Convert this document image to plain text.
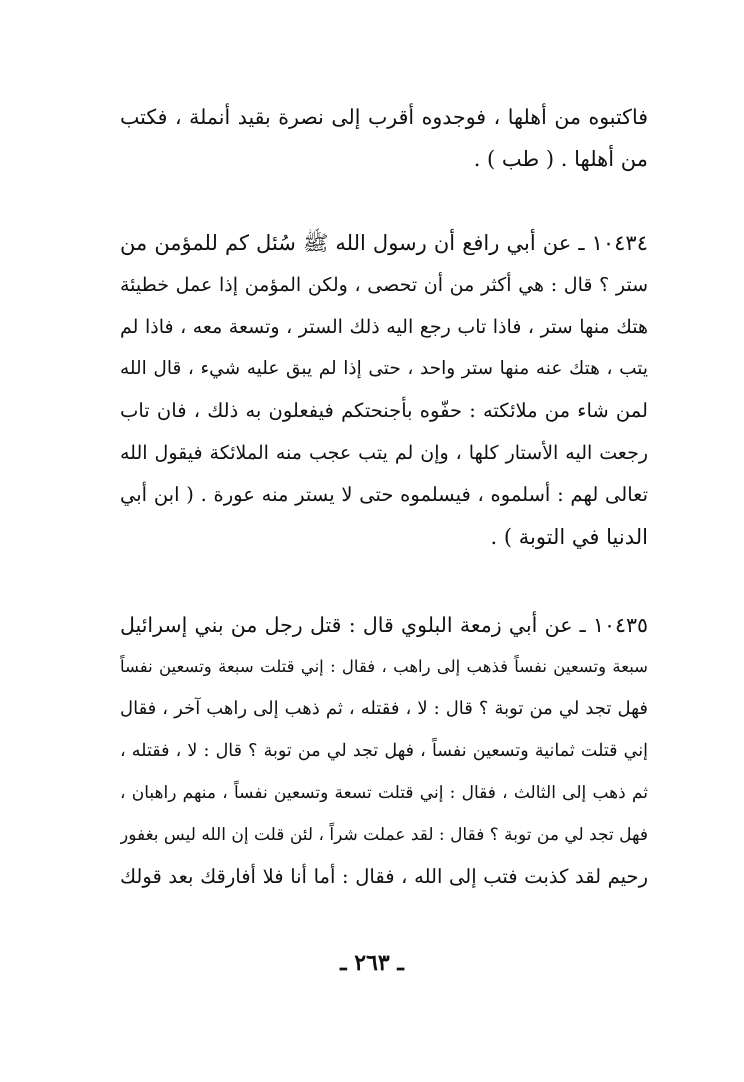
فاكتبوه من أهلها ، فوجدوه أقرب إلى نصرة بقيد أنملة ، فكتب
من أهلها . ( طب ) .
١٠٤٣٤ ـ عن أبي رافع أن رسول الله ﷺ سُئل كم للمؤمن من
ستر ؟ قال : هي أكثر من أن تحصى ، ولكن المؤمن إذا عمل خطيئة
هتك منها ستر ، فاذا تاب رجع اليه ذلك الستر ، وتسعة معه ، فاذا لم
يتب ، هتك عنه منها ستر واحد ، حتى إذا لم يبق عليه شيء ، قال الله
لمن شاء من ملائكته : حفّوه بأجنحتكم فيفعلون به ذلك ، فان تاب
رجعت اليه الأستار كلها ، وإن لم يتب عجب منه الملائكة فيقول الله
تعالى لهم : أسلموه ، فيسلموه حتى لا يستر منه عورة . ( ابن أبي
الدنيا في التوبة ) .
١٠٤٣٥ ـ عن أبي زمعة البلوي قال : قتل رجل من بني إسرائيل
سبعة وتسعين نفساً فذهب إلى راهب ، فقال : إني قتلت سبعة وتسعين نفساً
فهل تجد لي من توبة ؟ قال : لا ، فقتله ، ثم ذهب إلى راهب آخر ، فقال
إني قتلت ثمانية وتسعين نفساً ، فهل تجد لي من توبة ؟ قال : لا ، فقتله ،
ثم ذهب إلى الثالث ، فقال : إني قتلت تسعة وتسعين نفساً ، منهم راهبان ،
فهل تجد لي من توبة ؟ فقال : لقد عملت شراً ، لئن قلت إن الله ليس بغفور
رحيم لقد كذبت فتب إلى الله ، فقال : أما أنا فلا أفارقك بعد قولك
ـ ٢٦٣ ـ
